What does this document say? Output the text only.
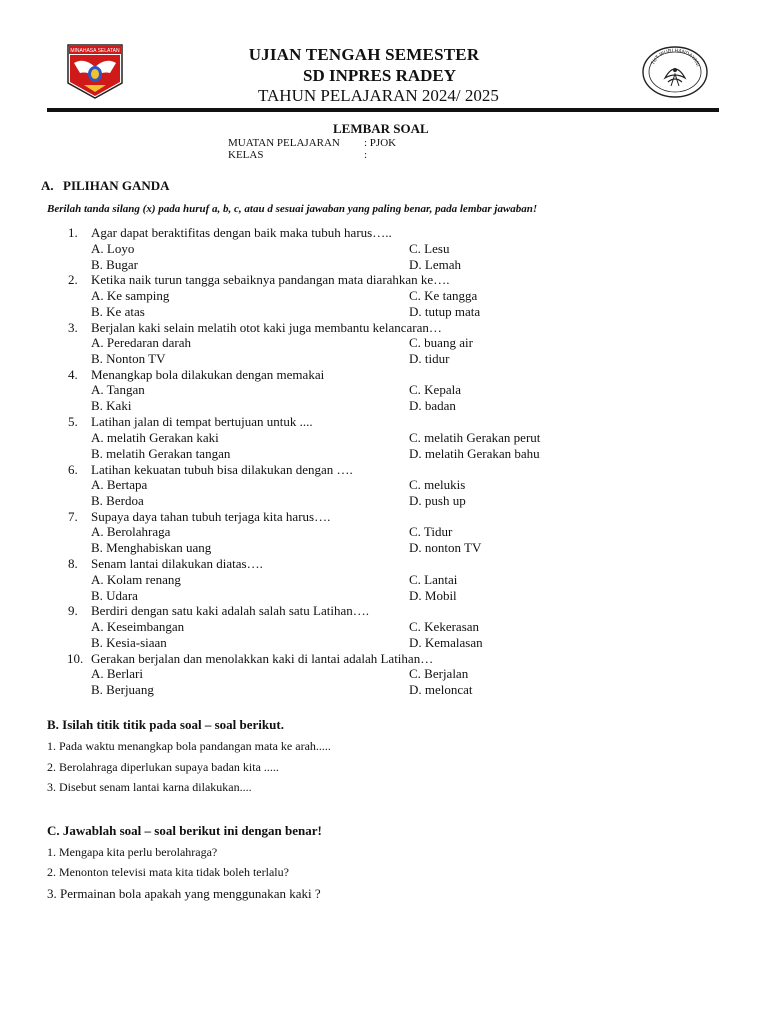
MINAHASA SELATAN
TUT WURI HANDAYANI
UJIAN TENGAH SEMESTER
SD INPRES RADEY
TAHUN PELAJARAN 2024/ 2025
LEMBAR SOAL
MUATAN PELAJARAN : PJOK
KELAS	:
A. PILIHAN GANDA
Berilah tanda silang (x) pada huruf a, b, c, atau d sesuai jawaban yang paling benar, pada lembar jawaban!
1. Agar dapat beraktifitas dengan baik maka tubuh harus…..
A. Loyo	C. Lesu
B. Bugar	D. Lemah
2. Ketika naik turun tangga sebaiknya pandangan mata diarahkan ke….
A. Ke samping	C. Ke tangga
B. Ke atas	D. tutup mata
3. Berjalan kaki selain melatih otot kaki juga membantu kelancaran…
A. Peredaran darah	C. buang air
B. Nonton TV	D. tidur
4. Menangkap bola dilakukan dengan memakai
A. Tangan	C. Kepala
B. Kaki	D. badan
5. Latihan jalan di tempat bertujuan untuk ....
A. melatih Gerakan kaki	C. melatih Gerakan perut
B. melatih Gerakan tangan	D. melatih Gerakan bahu
6. Latihan kekuatan tubuh bisa dilakukan dengan ….
A. Bertapa	C. melukis
B. Berdoa	D. push up
7. Supaya daya tahan tubuh terjaga kita harus….
A. Berolahraga	C. Tidur
B. Menghabiskan uang	D. nonton TV
8. Senam lantai dilakukan diatas….
A. Kolam renang	C. Lantai
B. Udara	D. Mobil
9. Berdiri dengan satu kaki adalah salah satu Latihan….
A. Keseimbangan	C. Kekerasan
B. Kesia-siaan	D. Kemalasan
10. Gerakan berjalan dan menolakkan kaki di lantai adalah Latihan…
A. Berlari	C. Berjalan
B. Berjuang	D. meloncat
B. Isilah titik titik pada soal – soal berikut.
1. Pada waktu menangkap bola pandangan mata ke arah.....
2. Berolahraga diperlukan supaya badan kita .....
3. Disebut senam lantai karna dilakukan....
C. Jawablah soal – soal berikut ini dengan benar!
1. Mengapa kita perlu berolahraga?
2. Menonton televisi mata kita tidak boleh terlalu?
3. Permainan bola apakah yang menggunakan kaki ?
